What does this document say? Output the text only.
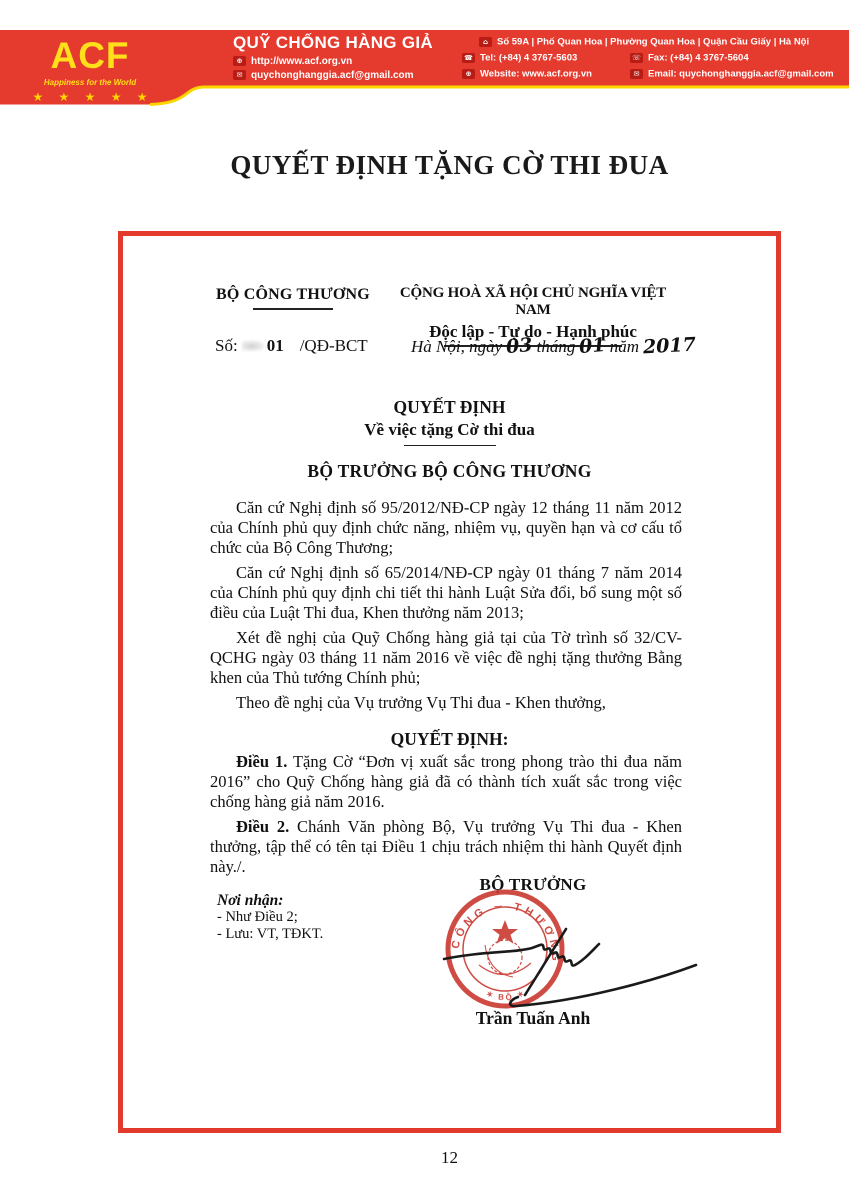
ACF
Happiness for the World
★ ★ ★ ★ ★
QUỸ CHỐNG HÀNG GIẢ
⊕ http://www.acf.org.vn
✉ quychonghanggia.acf@gmail.com
⌂ Số 59A | Phố Quan Hoa | Phường Quan Hoa | Quận Cầu Giấy | Hà Nội
☎ Tel: (+84) 4 3767-5603	☏ Fax: (+84) 4 3767-5604
⊕ Website: www.acf.org.vn	✉ Email: quychonghanggia.acf@gmail.com
QUYẾT ĐỊNH TẶNG CỜ THI ĐUA
BỘ CÔNG THƯƠNG	CỘNG HOÀ XÃ HỘI CHỦ NGHĨA VIỆT NAM
Độc lập - Tự do - Hạnh phúc
Số: 01 /QĐ-BCT	Hà Nội, ngày 03 tháng 01 năm 2017
QUYẾT ĐỊNH
Về việc tặng Cờ thi đua
BỘ TRƯỞNG BỘ CÔNG THƯƠNG

Căn cứ Nghị định số 95/2012/NĐ-CP ngày 12 tháng 11 năm 2012 của Chính phủ quy định chức năng, nhiệm vụ, quyền hạn và cơ cấu tổ chức của Bộ Công Thương;

Căn cứ Nghị định số 65/2014/NĐ-CP ngày 01 tháng 7 năm 2014 của Chính phủ quy định chi tiết thi hành Luật Sửa đổi, bổ sung một số điều của Luật Thi đua, Khen thưởng năm 2013;

Xét đề nghị của Quỹ Chống hàng giả tại của Tờ trình số 32/CV-QCHG ngày 03 tháng 11 năm 2016 về việc đề nghị tặng thưởng Bằng khen của Thủ tướng Chính phủ;

Theo đề nghị của Vụ trưởng Vụ Thi đua - Khen thưởng,

QUYẾT ĐỊNH:

Điều 1. Tặng Cờ “Đơn vị xuất sắc trong phong trào thi đua năm 2016” cho Quỹ Chống hàng giả đã có thành tích xuất sắc trong việc chống hàng giả năm 2016.

Điều 2. Chánh Văn phòng Bộ, Vụ trưởng Vụ Thi đua - Khen thưởng, tập thể có tên tại Điều 1 chịu trách nhiệm thi hành Quyết định này./.

BỘ TRƯỞNG
Nơi nhận:
- Như Điều 2;
- Lưu: VT, TĐKT.
CÔNG ─ THƯƠNG
✶ BỘ ✶
Trần Tuấn Anh
12
